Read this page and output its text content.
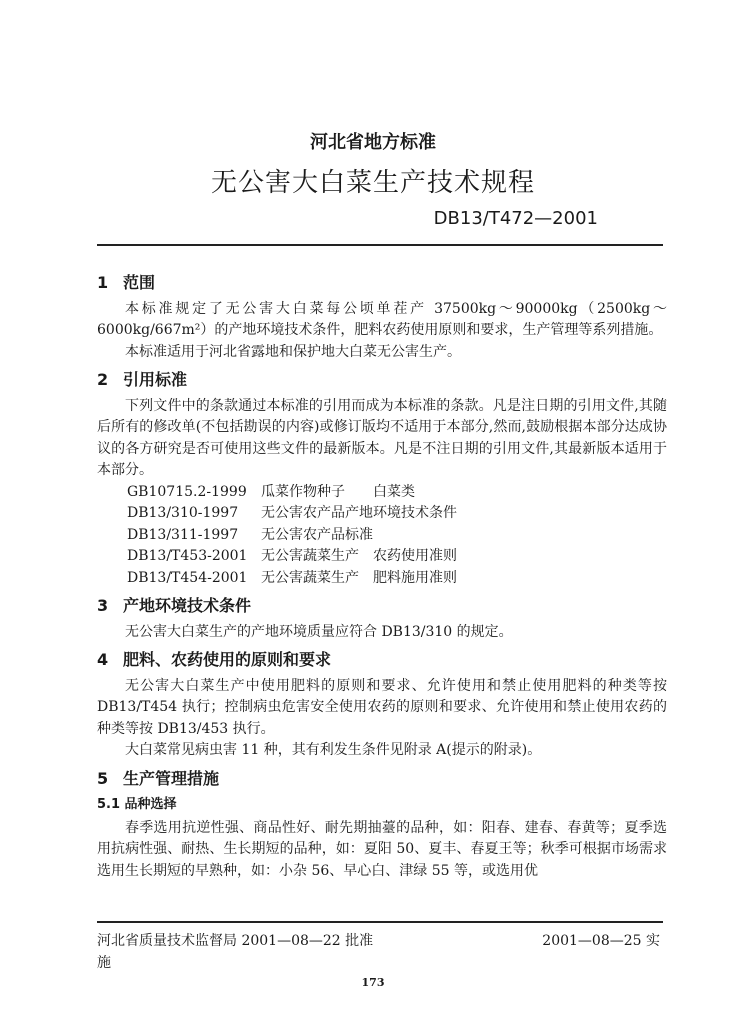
河北省地方标准
无公害大白菜生产技术规程
DB13/T472—2001
1 范围

本标准规定了无公害大白菜每公顷单茬产 37500kg～90000kg（2500kg～6000kg/667m²）的产地环境技术条件，肥料农药使用原则和要求，生产管理等系列措施。

本标准适用于河北省露地和保护地大白菜无公害生产。

2 引用标准

下列文件中的条款通过本标准的引用而成为本标准的条款。凡是注日期的引用文件,其随后所有的修改单(不包括勘误的内容)或修订版均不适用于本部分,然而,鼓励根据本部分达成协议的各方研究是否可使用这些文件的最新版本。凡是不注日期的引用文件,其最新版本适用于本部分。

GB10715.2-1999 瓜菜作物种子　　白菜类
DB13/310-1997 无公害农产品产地环境技术条件
DB13/311-1997 无公害农产品标准
DB13/T453-2001 无公害蔬菜生产　农药使用准则
DB13/T454-2001 无公害蔬菜生产　肥料施用准则
3 产地环境技术条件

无公害大白菜生产的产地环境质量应符合 DB13/310 的规定。

4 肥料、农药使用的原则和要求

无公害大白菜生产中使用肥料的原则和要求、允许使用和禁止使用肥料的种类等按 DB13/T454 执行；控制病虫危害安全使用农药的原则和要求、允许使用和禁止使用农药的种类等按 DB13/453 执行。

大白菜常见病虫害 11 种，其有利发生条件见附录 A(提示的附录)。

5 生产管理措施
5.1 品种选择

春季选用抗逆性强、商品性好、耐先期抽薹的品种，如：阳春、建春、春黄等；夏季选用抗病性强、耐热、生长期短的品种，如：夏阳 50、夏丰、春夏王等；秋季可根据市场需求选用生长期短的早熟种，如：小杂 56、早心白、津绿 55 等，或选用优

河北省质量技术监督局 2001—08—22 批准
施
2001—08—25 实
173
